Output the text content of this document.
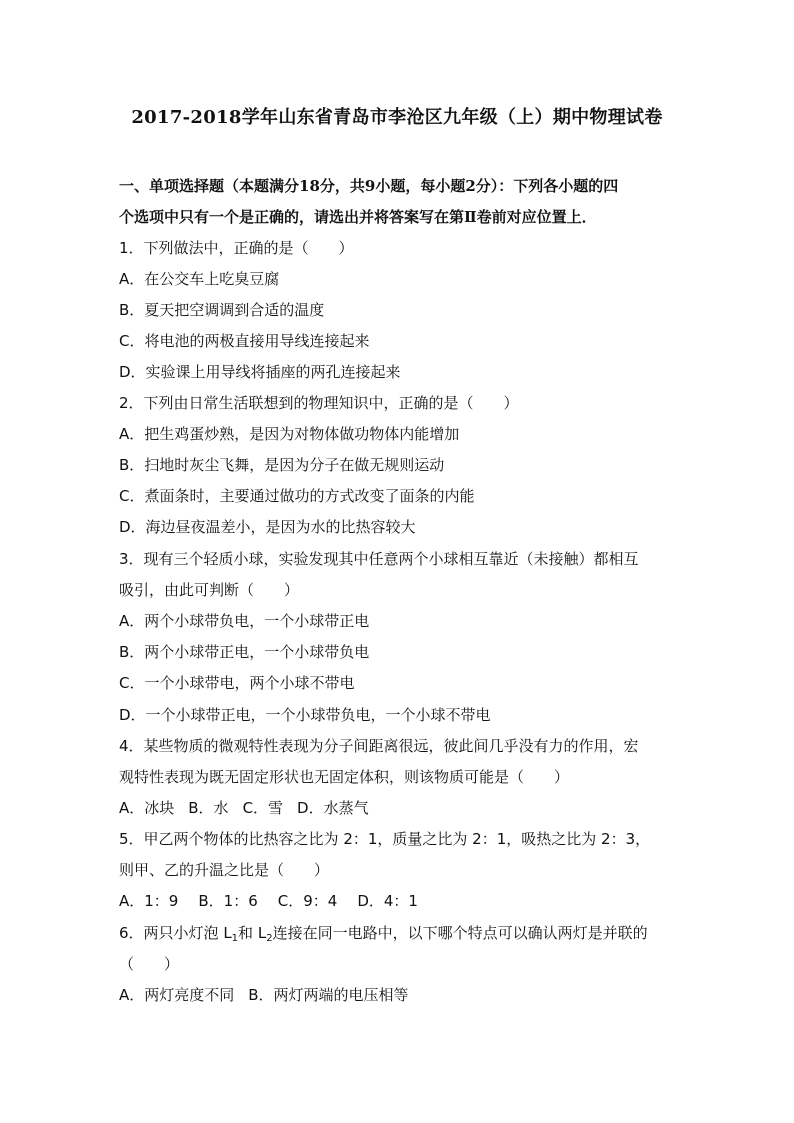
2017-2018学年山东省青岛市李沧区九年级（上）期中物理试卷
一、单项选择题（本题满分18分，共9小题，每小题2分）：下列各小题的四
个选项中只有一个是正确的，请选出并将答案写在第Ⅱ卷前对应位置上．
1．下列做法中，正确的是（　　）
A．在公交车上吃臭豆腐
B．夏天把空调调到合适的温度
C．将电池的两极直接用导线连接起来
D．实验课上用导线将插座的两孔连接起来
2．下列由日常生活联想到的物理知识中，正确的是（　　）
A．把生鸡蛋炒熟，是因为对物体做功物体内能增加
B．扫地时灰尘飞舞，是因为分子在做无规则运动
C．煮面条时，主要通过做功的方式改变了面条的内能
D．海边昼夜温差小，是因为水的比热容较大
3．现有三个轻质小球，实验发现其中任意两个小球相互靠近（未接触）都相互
吸引，由此可判断（　　）
A．两个小球带负电，一个小球带正电
B．两个小球带正电，一个小球带负电
C．一个小球带电，两个小球不带电
D．一个小球带正电，一个小球带负电，一个小球不带电
4．某些物质的微观特性表现为分子间距离很远，彼此间几乎没有力的作用，宏
观特性表现为既无固定形状也无固定体积，则该物质可能是（　　）
A．冰块 B．水 C．雪 D．水蒸气
5．甲乙两个物体的比热容之比为 2：1，质量之比为 2：1，吸热之比为 2：3，
则甲、乙的升温之比是（　　）
A．1：9 B．1：6 C．9：4 D．4：1
6．两只小灯泡 $L_1$和 $L_2$连接在同一电路中，以下哪个特点可以确认两灯是并联的
（　　）
A．两灯亮度不同 B．两灯两端的电压相等
